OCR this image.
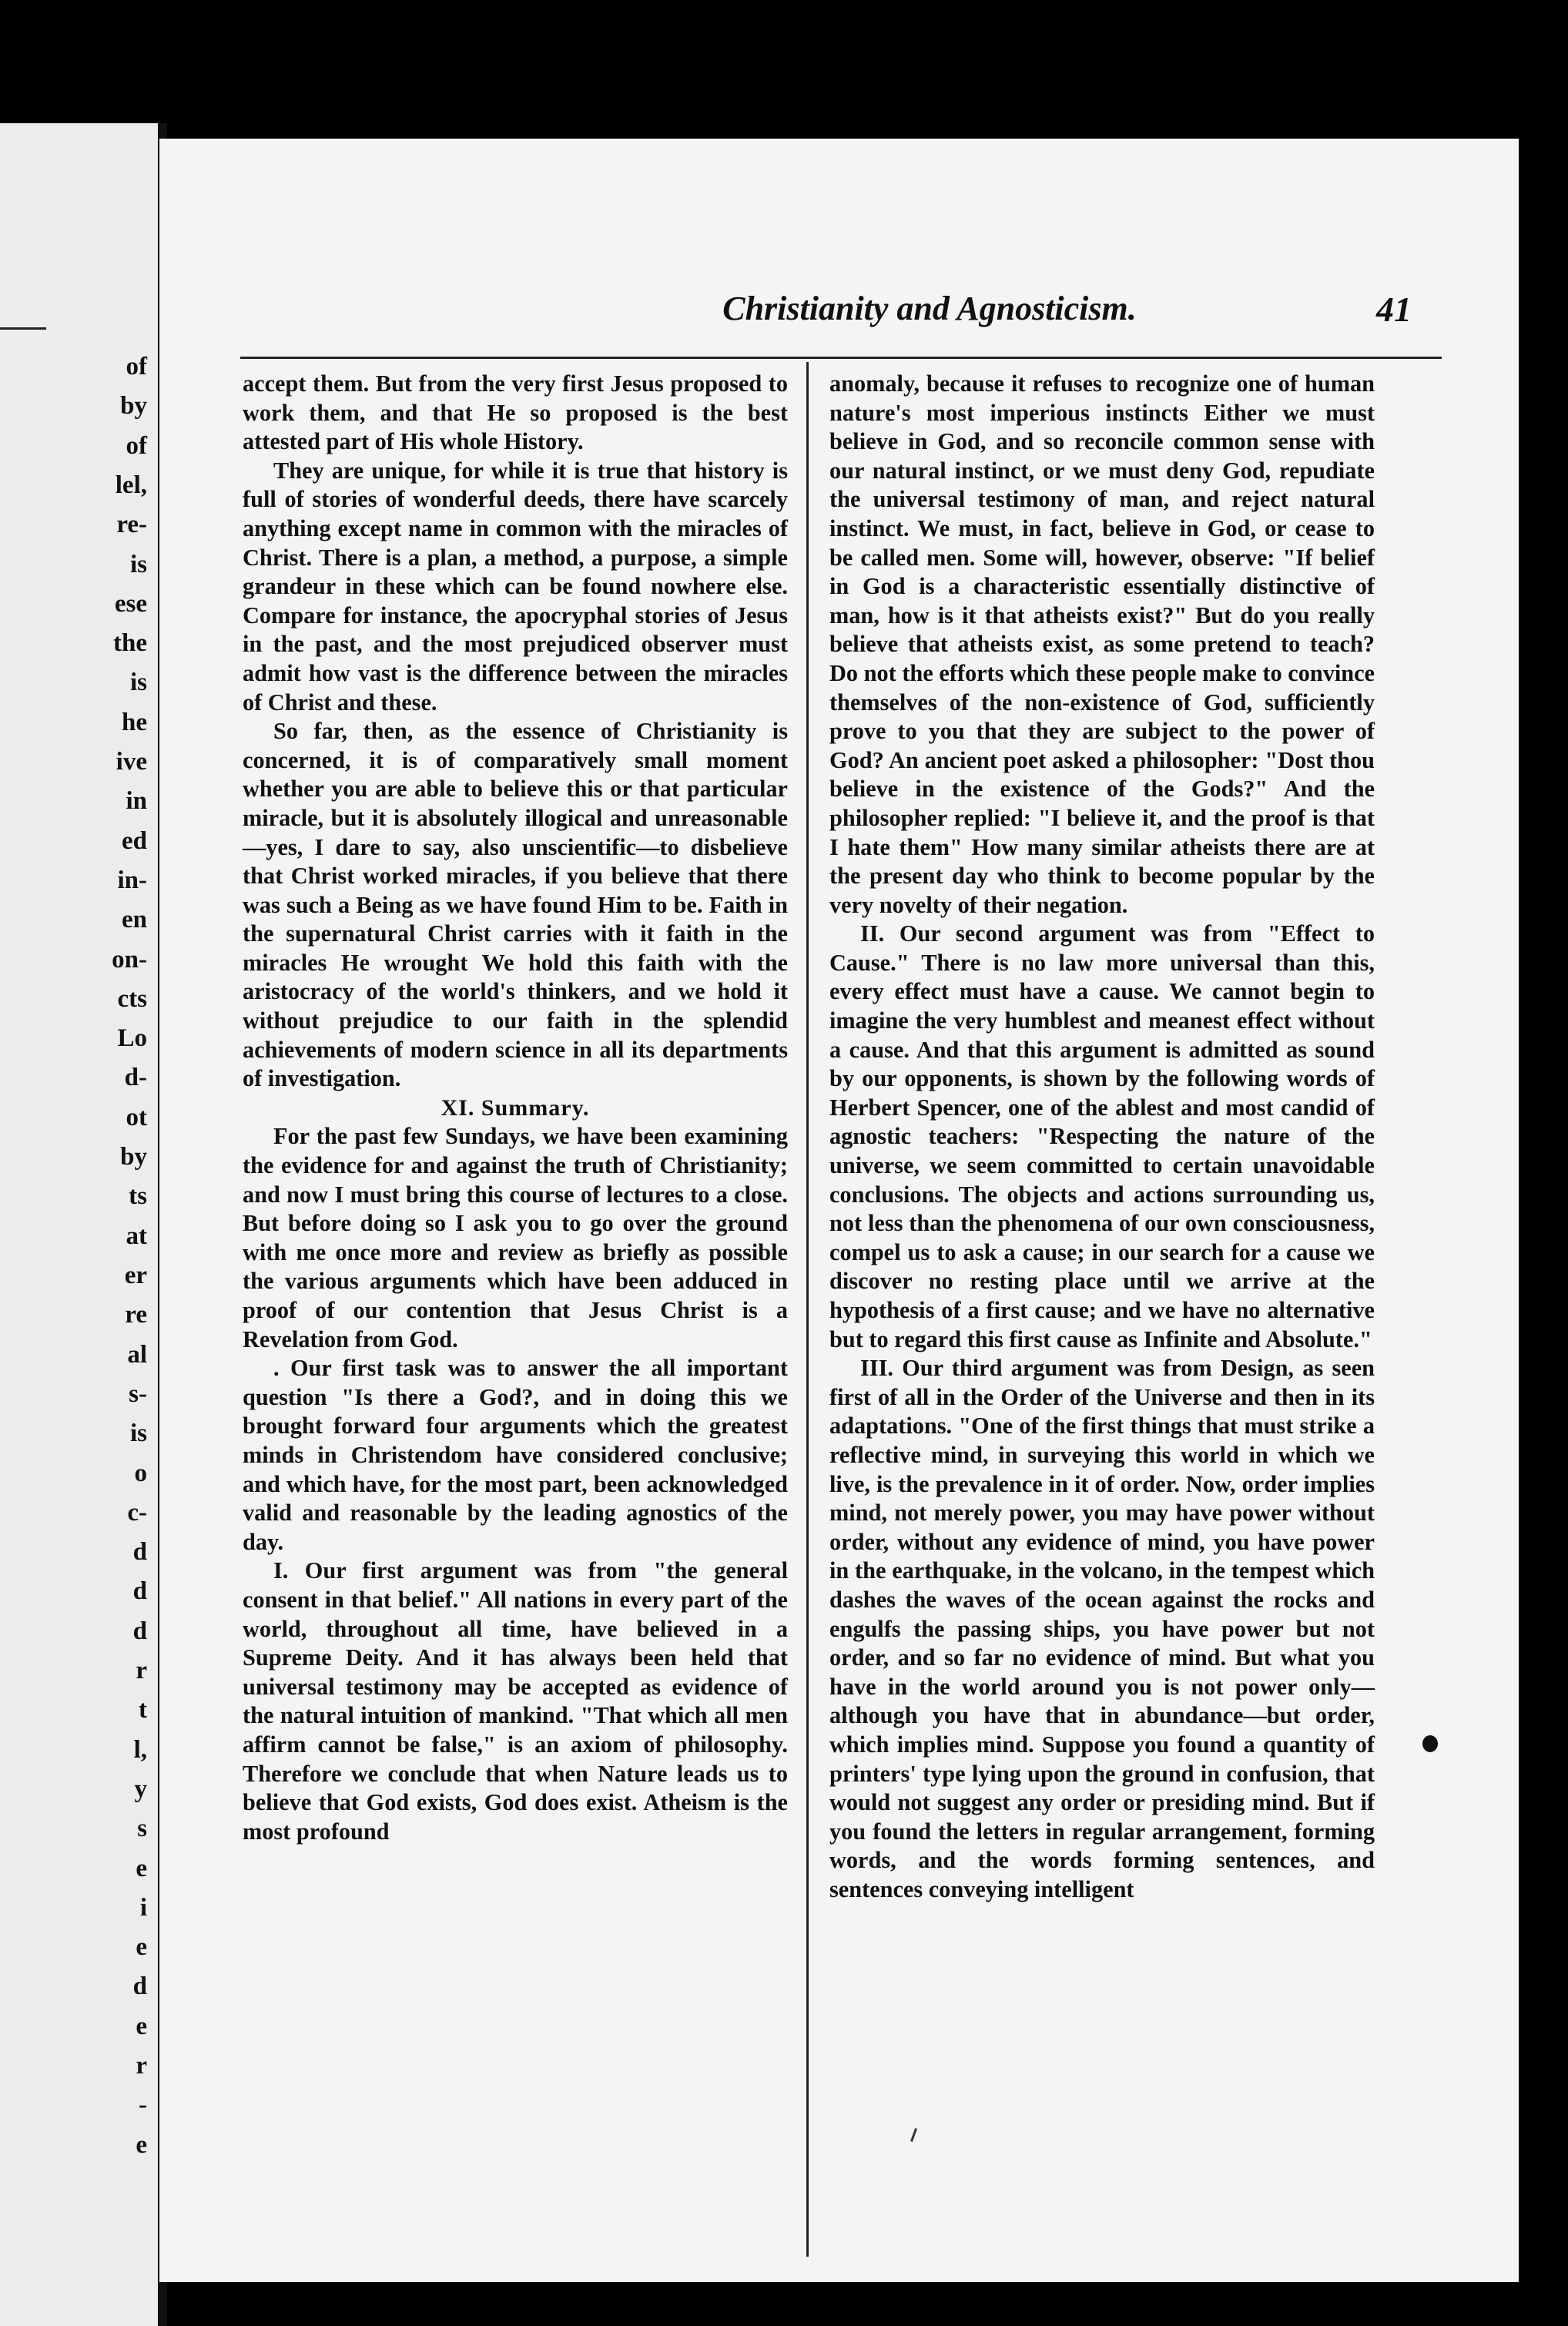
of
by
of
lel,
re-
is
ese
the
is
he
ive
in
ed
in-
en
on-
cts
Lo
d-
ot
by
ts
at
er
re
al
s-
is
o
c-
d
d
d
r
t
l,
y
s
e
i
e
d
e
r
-
e
Christianity and Agnosticism.	41

accept them. But from the very first Jesus proposed to work them, and that He so proposed is the best attested part of His whole History.

They are unique, for while it is true that history is full of stories of wonderful deeds, there have scarcely anything except name in common with the miracles of Christ. There is a plan, a method, a purpose, a simple grandeur in these which can be found nowhere else. Compare for instance, the apocryphal stories of Jesus in the past, and the most prejudiced observer must admit how vast is the difference between the miracles of Christ and these.

So far, then, as the essence of Christianity is concerned, it is of comparatively small moment whether you are able to believe this or that particular miracle, but it is absolutely illogical and unreasonable—yes, I dare to say, also unscientific—to disbelieve that Christ worked miracles, if you believe that there was such a Being as we have found Him to be. Faith in the supernatural Christ carries with it faith in the miracles He wrought We hold this faith with the aristocracy of the world's thinkers, and we hold it without prejudice to our faith in the splendid achievements of modern science in all its departments of investigation.

XI. Summary.

For the past few Sundays, we have been examining the evidence for and against the truth of Christianity; and now I must bring this course of lectures to a close. But before doing so I ask you to go over the ground with me once more and review as briefly as possible the various arguments which have been adduced in proof of our contention that Jesus Christ is a Revelation from God.

. Our first task was to answer the all important question "Is there a God?, and in doing this we brought forward four arguments which the greatest minds in Christendom have considered conclusive; and which have, for the most part, been acknowledged valid and reasonable by the leading agnostics of the day.

I. Our first argument was from "the general consent in that belief." All nations in every part of the world, throughout all time, have believed in a Supreme Deity. And it has always been held that universal testimony may be accepted as evidence of the natural intuition of mankind. "That which all men affirm cannot be false," is an axiom of philosophy. Therefore we conclude that when Nature leads us to believe that God exists, God does exist. Atheism is the most profound

anomaly, because it refuses to recognize one of human nature's most imperious instincts Either we must believe in God, and so reconcile common sense with our natural instinct, or we must deny God, repudiate the universal testimony of man, and reject natural instinct. We must, in fact, believe in God, or cease to be called men. Some will, however, observe: "If belief in God is a characteristic essentially distinctive of man, how is it that atheists exist?" But do you really believe that atheists exist, as some pretend to teach? Do not the efforts which these people make to convince themselves of the non-existence of God, sufficiently prove to you that they are subject to the power of God? An ancient poet asked a philosopher: "Dost thou believe in the existence of the Gods?" And the philosopher replied: "I believe it, and the proof is that I hate them" How many similar atheists there are at the present day who think to become popular by the very novelty of their negation.

II. Our second argument was from "Effect to Cause." There is no law more universal than this, every effect must have a cause. We cannot begin to imagine the very humblest and meanest effect without a cause. And that this argument is admitted as sound by our opponents, is shown by the following words of Herbert Spencer, one of the ablest and most candid of agnostic teachers: "Respecting the nature of the universe, we seem committed to certain unavoidable conclusions. The objects and actions surrounding us, not less than the phenomena of our own consciousness, compel us to ask a cause; in our search for a cause we discover no resting place until we arrive at the hypothesis of a first cause; and we have no alternative but to regard this first cause as Infinite and Absolute."

III. Our third argument was from Design, as seen first of all in the Order of the Universe and then in its adaptations. "One of the first things that must strike a reflective mind, in surveying this world in which we live, is the prevalence in it of order. Now, order implies mind, not merely power, you may have power without order, without any evidence of mind, you have power in the earthquake, in the volcano, in the tempest which dashes the waves of the ocean against the rocks and engulfs the passing ships, you have power but not order, and so far no evidence of mind. But what you have in the world around you is not power only—although you have that in abundance—but order, which implies mind. Suppose you found a quantity of printers' type lying upon the ground in confusion, that would not suggest any order or presiding mind. But if you found the letters in regular arrangement, forming words, and the words forming sentences, and sentences conveying intelligent
